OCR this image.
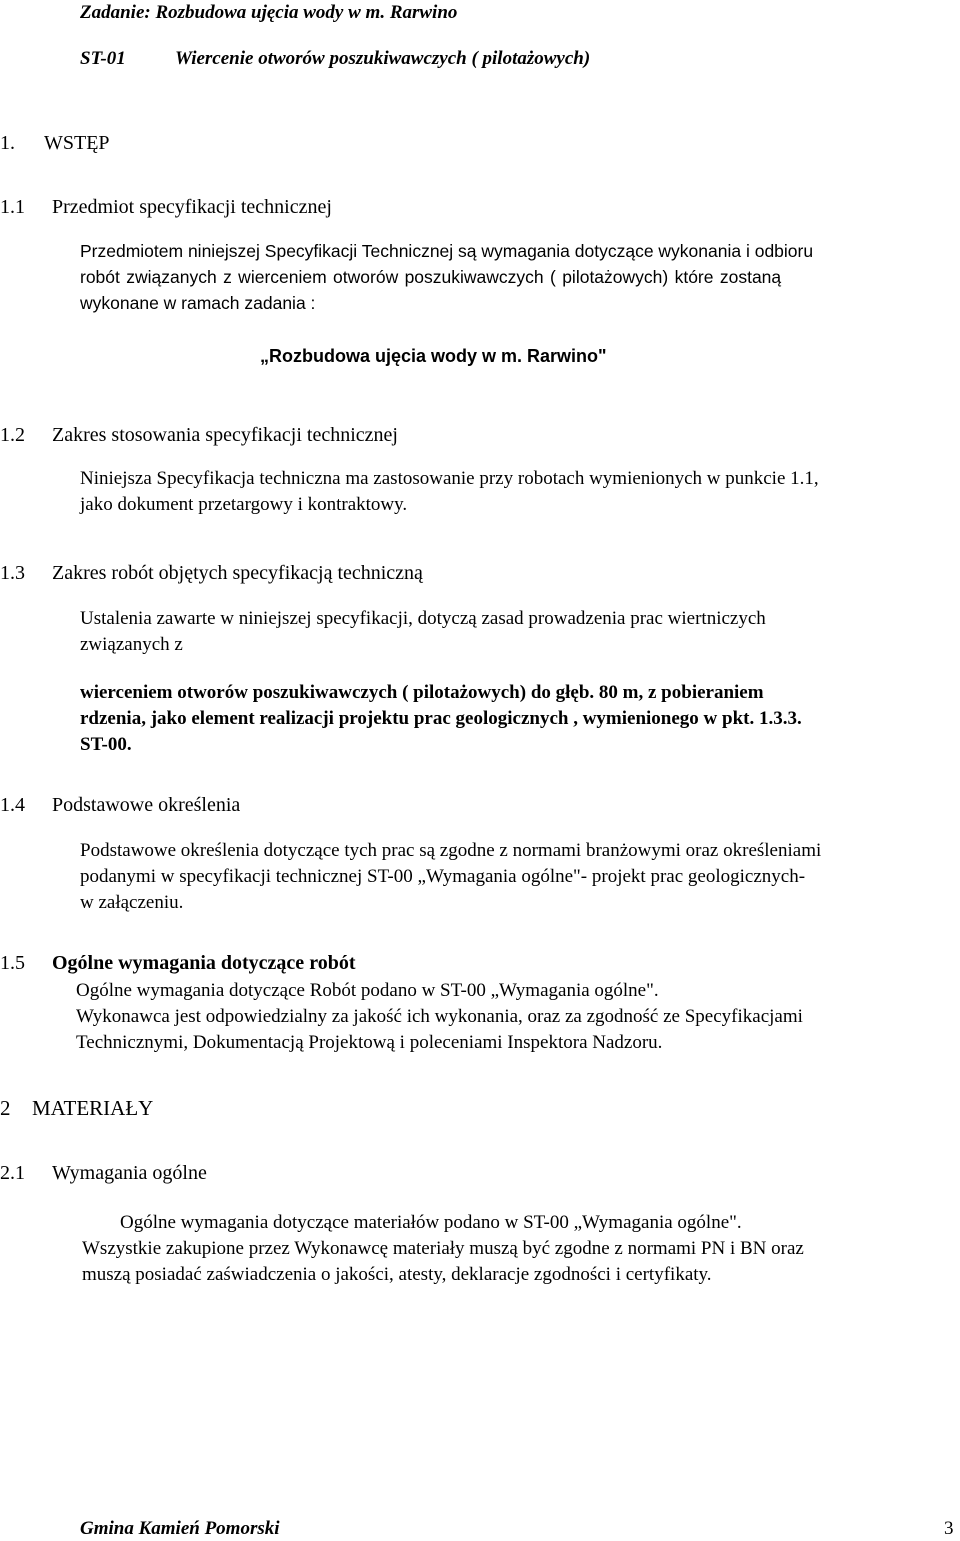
Zadanie: Rozbudowa ujęcia wody w m. Rarwino
ST-01	Wiercenie otworów poszukiwawczych ( pilotażowych)
1. WSTĘP
1.1 Przedmiot specyfikacji technicznej
Przedmiotem niniejszej Specyfikacji Technicznej są wymagania dotyczące wykonania i odbioru
robót związanych z wierceniem otworów poszukiwawczych ( pilotażowych) które zostaną
wykonane w ramach zadania :
„Rozbudowa ujęcia wody w m. Rarwino"
1.2 Zakres stosowania specyfikacji technicznej
Niniejsza Specyfikacja techniczna ma zastosowanie przy robotach wymienionych w punkcie 1.1,
jako dokument przetargowy i kontraktowy.
1.3 Zakres robót objętych specyfikacją techniczną
Ustalenia zawarte w niniejszej specyfikacji, dotyczą zasad prowadzenia prac wiertniczych
związanych z
wierceniem otworów poszukiwawczych ( pilotażowych) do głęb. 80 m, z pobieraniem
rdzenia, jako element realizacji projektu prac geologicznych , wymienionego w pkt. 1.3.3.
ST-00.
1.4 Podstawowe określenia
Podstawowe określenia dotyczące tych prac są zgodne z normami branżowymi oraz określeniami
podanymi w specyfikacji technicznej ST-00 „Wymagania ogólne"- projekt prac geologicznych-
w załączeniu.
1.5 Ogólne wymagania dotyczące robót
Ogólne wymagania dotyczące Robót podano w ST-00 „Wymagania ogólne".
Wykonawca jest odpowiedzialny za jakość ich wykonania, oraz za zgodność ze Specyfikacjami
Technicznymi, Dokumentacją Projektową i poleceniami Inspektora Nadzoru.
2 MATERIAŁY
2.1 Wymagania ogólne
Ogólne wymagania dotyczące materiałów podano w ST-00 „Wymagania ogólne".
Wszystkie zakupione przez Wykonawcę materiały muszą być zgodne z normami PN i BN oraz
muszą posiadać zaświadczenia o jakości, atesty, deklaracje zgodności i certyfikaty.
Gmina Kamień Pomorski	3
